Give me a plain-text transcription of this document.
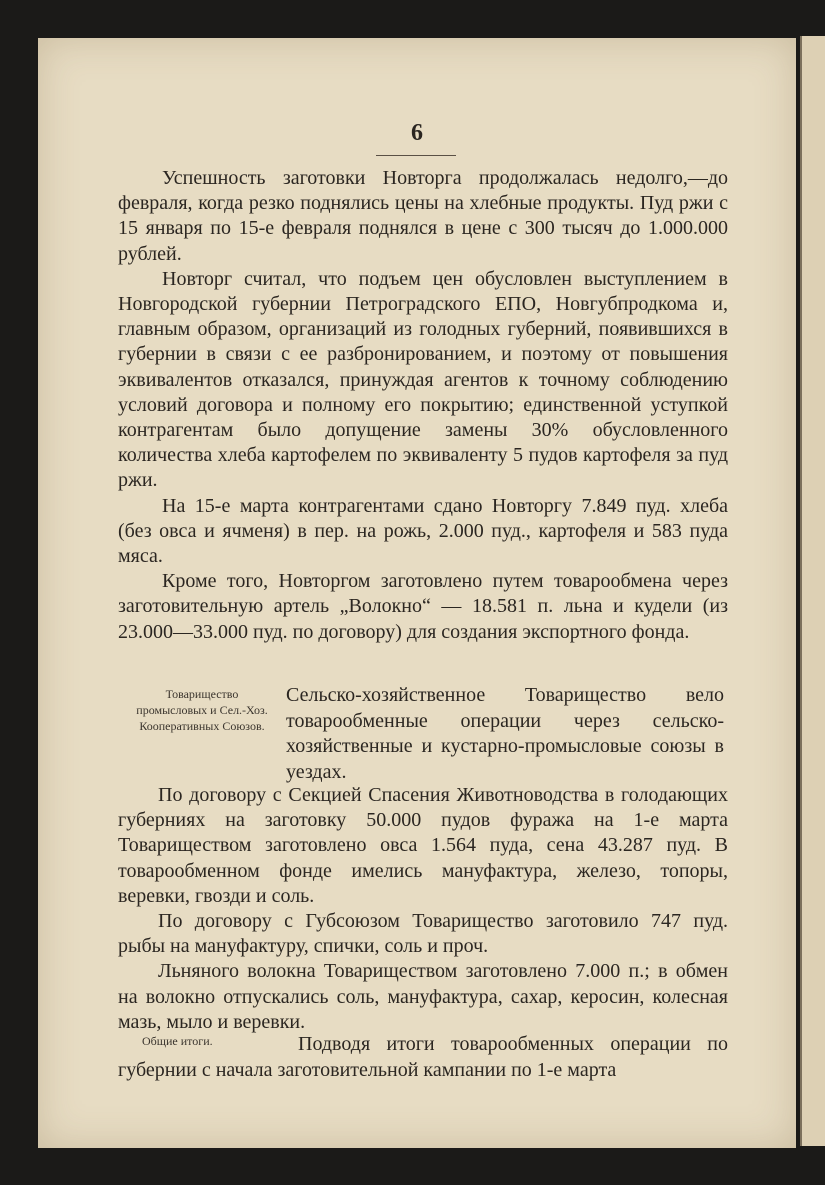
6

Успешность заготовки Новторга продолжалась недолго,—до февраля, когда резко поднялись цены на хлебные продукты. Пуд ржи с 15 января по 15-е февраля поднялся в цене с 300 тысяч до 1.000.000 рублей.

Новторг считал, что подъем цен обусловлен выступлением в Новгородской губернии Петроградского ЕПО, Новгубпродкома и, главным образом, организаций из голодных губерний, появившихся в губернии в связи с ее разбронированием, и поэтому от повышения эквивалентов отказался, принуждая агентов к точному соблюдению условий договора и полному его покрытию; единственной уступкой контрагентам было допущение замены 30% обусловленного количества хлеба картофелем по эквиваленту 5 пудов картофеля за пуд ржи.

На 15-е марта контрагентами сдано Новторгу 7.849 пуд. хлеба (без овса и ячменя) в пер. на рожь, 2.000 пуд., картофеля и 583 пуда мяса.

Кроме того, Новторгом заготовлено путем товарообмена через заготовительную артель „Волокно“ — 18.581 п. льна и кудели (из 23.000—33.000 пуд. по договору) для создания экспортного фонда.

Товарищество промысловых и Сел.-Хоз. Кооперативных Союзов.
Сельско-хозяйственное Товарищество вело товарообменные операции через сельско-хозяйственные и кустарно-промысловые союзы в уездах.

По договору с Секцией Спасения Животноводства в голодающих губерниях на заготовку 50.000 пудов фуража на 1-е марта Товариществом заготовлено овса 1.564 пуда, сена 43.287 пуд. В товарообменном фонде имелись мануфактура, железо, топоры, веревки, гвозди и соль.

По договору с Губсоюзом Товарищество заготовило 747 пуд. рыбы на мануфактуру, спички, соль и проч.

Льняного волокна Товариществом заготовлено 7.000 п.; в обмен на волокно отпускались соль, мануфактура, сахар, керосин, колесная мазь, мыло и веревки.

Общие итоги.	Подводя итоги товарообменных операции по губернии с начала заготовительной кампании по 1-е марта
